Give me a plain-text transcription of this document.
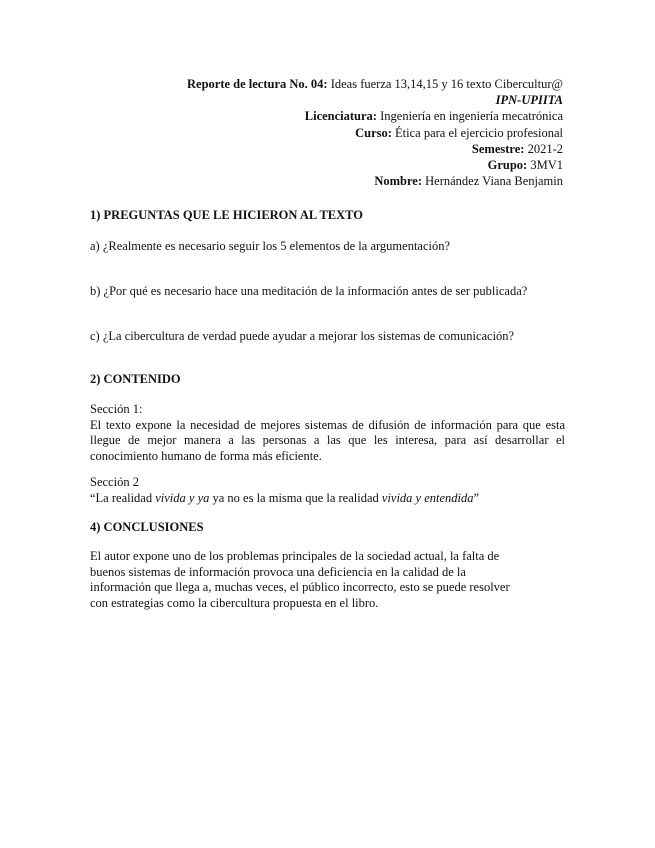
Reporte de lectura No. 04: Ideas fuerza 13,14,15 y 16 texto Cibercultur@
IPN-UPIITA
Licenciatura: Ingeniería en ingeniería mecatrónica
Curso: Ética para el ejercicio profesional
Semestre: 2021-2
Grupo: 3MV1
Nombre: Hernández Viana Benjamin
1) PREGUNTAS QUE LE HICIERON AL TEXTO

a) ¿Realmente es necesario seguir los 5 elementos de la argumentación?

b) ¿Por qué es necesario hace una meditación de la información antes de ser publicada?

c) ¿La cibercultura de verdad puede ayudar a mejorar los sistemas de comunicación?

2) CONTENIDO

Sección 1:

El texto expone la necesidad de mejores sistemas de difusión de información para que esta llegue de mejor manera a las personas a las que les interesa, para así desarrollar el conocimiento humano de forma más eficiente.

Sección 2

“La realidad vivida y ya ya no es la misma que la realidad vivida y entendida”

4) CONCLUSIONES

El autor expone uno de los problemas principales de la sociedad actual, la falta de buenos sistemas de información provoca una deficiencia en la calidad de la información que llega a, muchas veces, el público incorrecto, esto se puede resolver con estrategias como la cibercultura propuesta en el libro.
